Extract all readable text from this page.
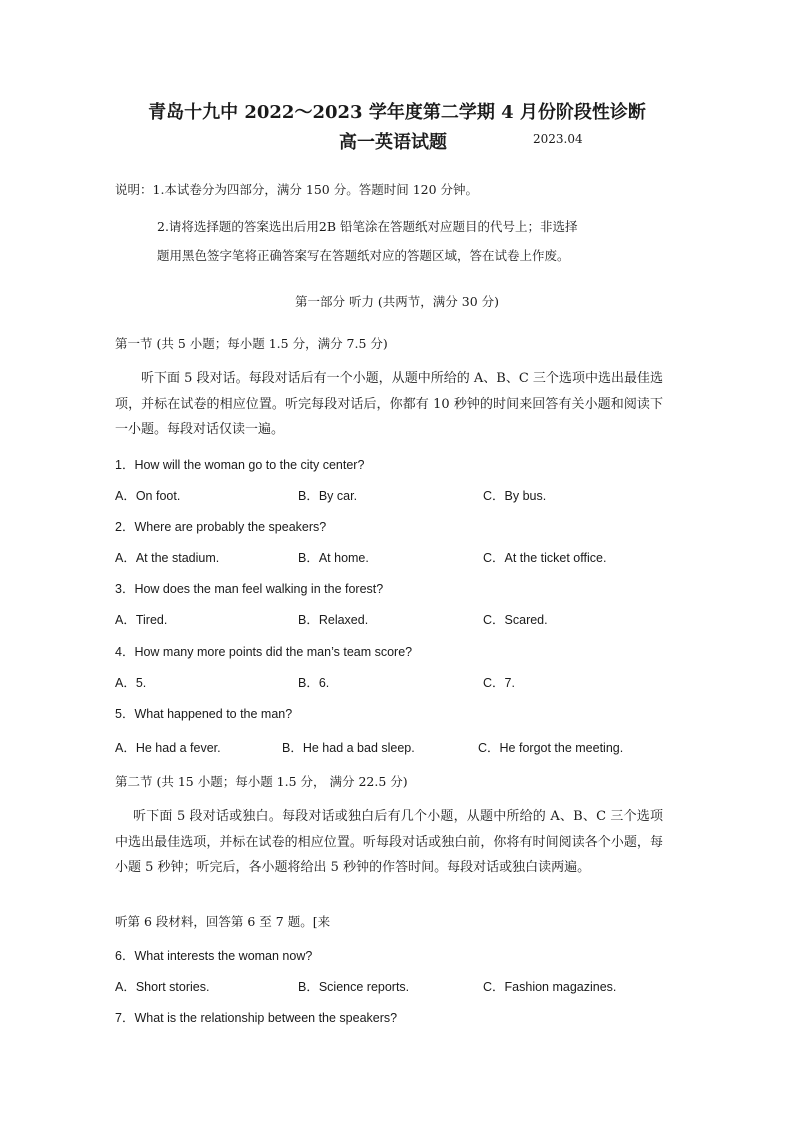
青岛十九中 2022～2023 学年度第二学期 4 月份阶段性诊断
高一英语试题	2023.04
说明：1.本试卷分为四部分，满分 150 分。答题时间 120 分钟。
2.请将选择题的答案选出后用2B 铅笔涂在答题纸对应题目的代号上；非选择
题用黑色签字笔将正确答案写在答题纸对应的答题区域，答在试卷上作废。
第一部分 听力 (共两节，满分 30 分)
第一节 (共 5 小题；每小题 1.5 分，满分 7.5 分)
听下面 5 段对话。每段对话后有一个小题，从题中所给的 A、B、C 三个选项中选出最佳选项，并标在试卷的相应位置。听完每段对话后，你都有 10 秒钟的时间来回答有关小题和阅读下一小题。每段对话仅读一遍。
1．How will the woman go to the city center?
A．On foot.	B．By car.	C．By bus.
2．Where are probably the speakers?
A．At the stadium.	B．At home.	C．At the ticket office.
3．How does the man feel walking in the forest?
A．Tired.	B．Relaxed.	C．Scared.
4．How many more points did the man’s team score?
A．5.	B．6.	C．7.
5．What happened to the man?
A．He had a fever.	B．He had a bad sleep.	C．He forgot the meeting.
第二节 (共 15 小题；每小题 1.5 分， 满分 22.5 分)
听下面 5 段对话或独白。每段对话或独白后有几个小题，从题中所给的 A、B、C 三个选项中选出最佳选项，并标在试卷的相应位置。听每段对话或独白前，你将有时间阅读各个小题，每小题 5 秒钟；听完后，各小题将给出 5 秒钟的作答时间。每段对话或独白读两遍。
听第 6 段材料，回答第 6 至 7 题。[来
6．What interests the woman now?
A．Short stories.	B．Science reports.	C．Fashion magazines.
7．What is the relationship between the speakers?
